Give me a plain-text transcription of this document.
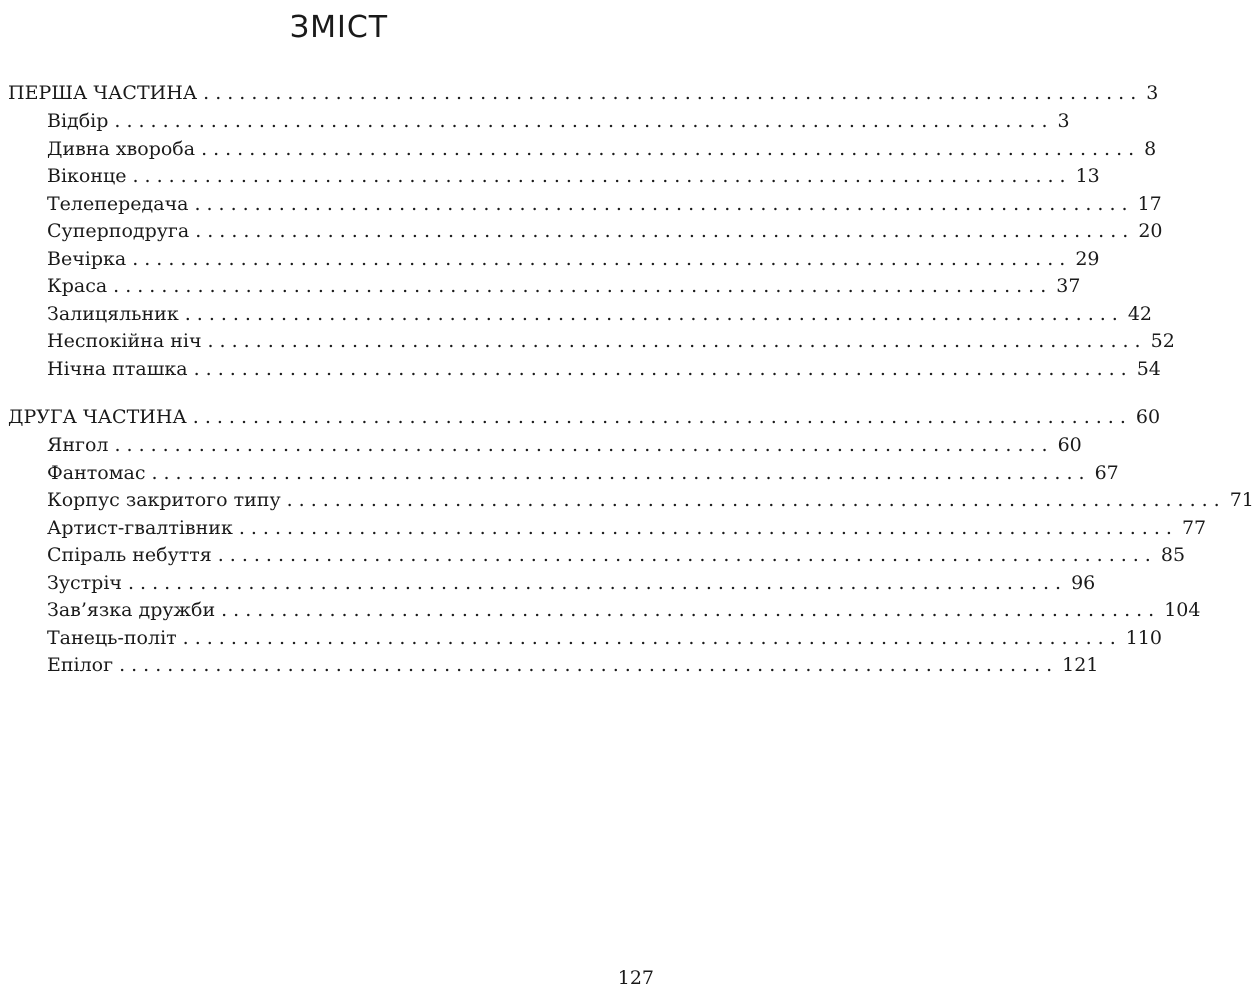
ЗМІСТ
ПЕРША ЧАСТИНА .............................................................................. 3
Відбір .............................................................................. 3
Дивна хвороба .............................................................................. 8
Віконце .............................................................................. 13
Телепередача .............................................................................. 17
Суперподруга .............................................................................. 20
Вечірка .............................................................................. 29
Краса .............................................................................. 37
Залицяльник .............................................................................. 42
Неспокійна ніч .............................................................................. 52
Нічна пташка .............................................................................. 54
ДРУГА ЧАСТИНА .............................................................................. 60
Янгол .............................................................................. 60
Фантомас .............................................................................. 67
Корпус закритого типу .............................................................................. 71
Артист-гвалтівник .............................................................................. 77
Спіраль небуття .............................................................................. 85
Зустріч .............................................................................. 96
Зав’язка дружби .............................................................................. 104
Танець-політ .............................................................................. 110
Епілог .............................................................................. 121
127
